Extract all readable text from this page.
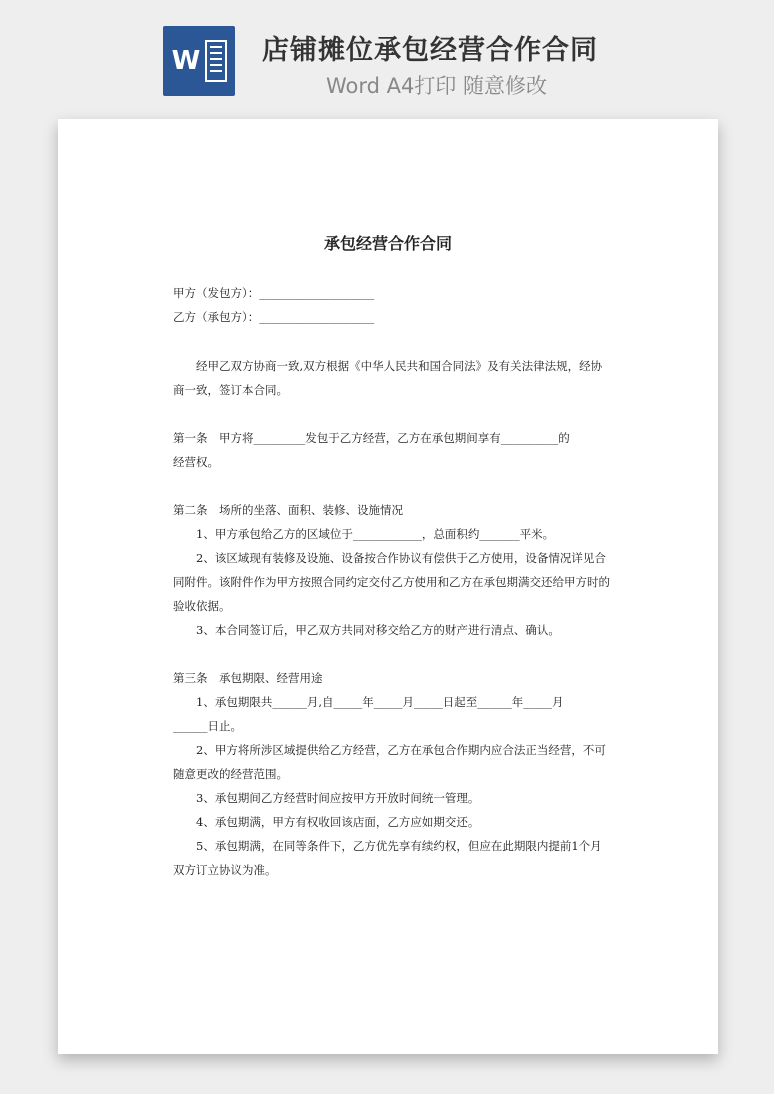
W 店铺摊位承包经营合作合同
Word A4打印 随意修改
承包经营合作合同

甲方（发包方）：____________________

乙方（承包方）：____________________

经甲乙双方协商一致,双方根据《中华人民共和国合同法》及有关法律法规，经协商一致，签订本合同。

第一条　甲方将_________发包于乙方经营，乙方在承包期间享有__________的

经营权。

第二条　场所的坐落、面积、装修、设施情况

1、甲方承包给乙方的区域位于____________，总面积约_______平米。

2、该区域现有装修及设施、设备按合作协议有偿供于乙方使用，设备情况详见合同附件。该附件作为甲方按照合同约定交付乙方使用和乙方在承包期满交还给甲方时的验收依据。

3、本合同签订后，甲乙双方共同对移交给乙方的财产进行清点、确认。

第三条　承包期限、经营用途

1、承包期限共______月,自_____年_____月_____日起至______年_____月

______日止。

2、甲方将所涉区域提供给乙方经营，乙方在承包合作期内应合法正当经营，不可随意更改的经营范围。

3、承包期间乙方经营时间应按甲方开放时间统一管理。

4、承包期满，甲方有权收回该店面，乙方应如期交还。

5、承包期满，在同等条件下，乙方优先享有续约权，但应在此期限内提前1个月双方订立协议为准。
